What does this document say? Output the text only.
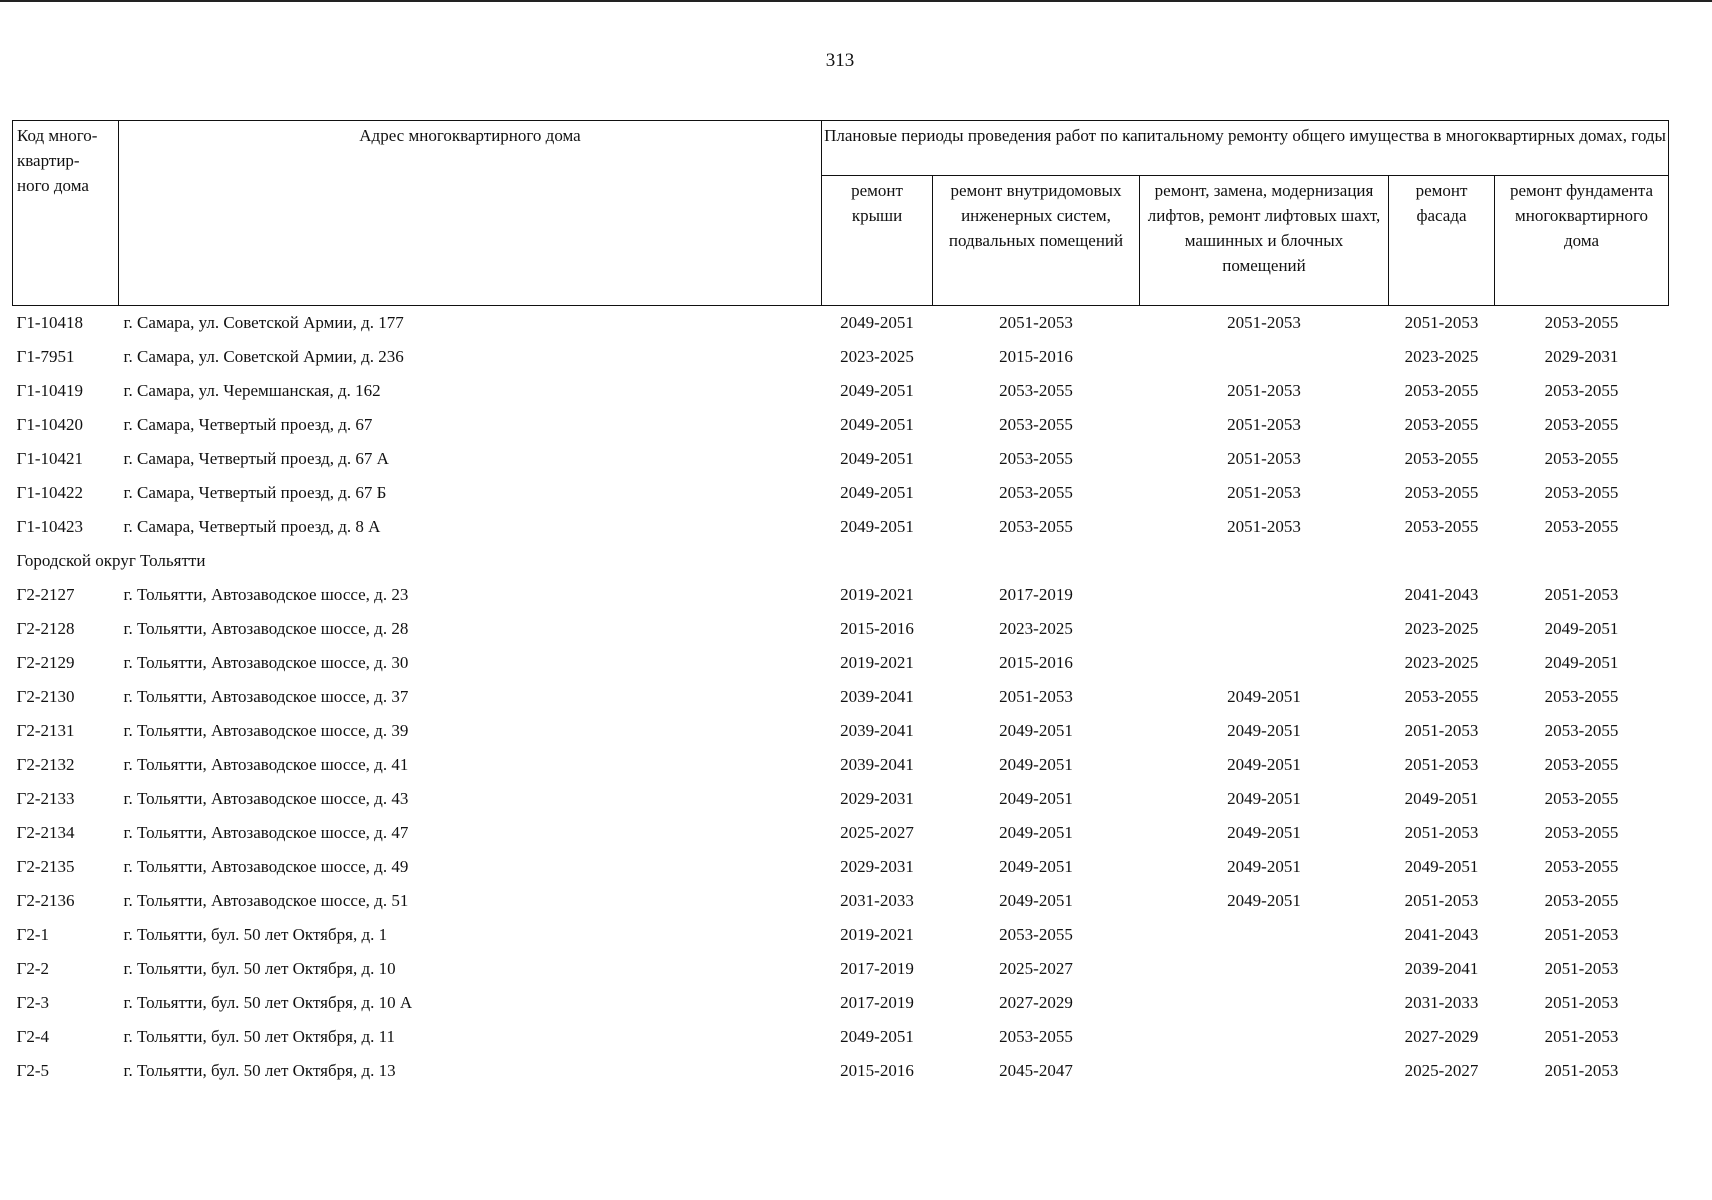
313
Код много-
квартир-
ного дома	Адрес многоквартирного дома	Плановые периоды проведения работ по капитальному ремонту общего имущества в многоквартирных домах, годы				
		ремонт крыши	ремонт внутридомовых инженерных систем, подвальных помещений	ремонт, замена, модернизация лифтов, ремонт лифтовых шахт, машинных и блочных помещений	ремонт фасада	ремонт фундамента многоквартирного дома
Г1-10418	г. Самара, ул. Советской Армии, д. 177	2049-2051	2051-2053	2051-2053	2051-2053	2053-2055
Г1-7951	г. Самара, ул. Советской Армии, д. 236	2023-2025	2015-2016		2023-2025	2029-2031
Г1-10419	г. Самара, ул. Черемшанская, д. 162	2049-2051	2053-2055	2051-2053	2053-2055	2053-2055
Г1-10420	г. Самара, Четвертый проезд, д. 67	2049-2051	2053-2055	2051-2053	2053-2055	2053-2055
Г1-10421	г. Самара, Четвертый проезд, д. 67 А	2049-2051	2053-2055	2051-2053	2053-2055	2053-2055
Г1-10422	г. Самара, Четвертый проезд, д. 67 Б	2049-2051	2053-2055	2051-2053	2053-2055	2053-2055
Г1-10423	г. Самара, Четвертый проезд, д. 8 А	2049-2051	2053-2055	2051-2053	2053-2055	2053-2055
Городской округ Тольятти						
Г2-2127	г. Тольятти, Автозаводское шоссе, д. 23	2019-2021	2017-2019		2041-2043	2051-2053
Г2-2128	г. Тольятти, Автозаводское шоссе, д. 28	2015-2016	2023-2025		2023-2025	2049-2051
Г2-2129	г. Тольятти, Автозаводское шоссе, д. 30	2019-2021	2015-2016		2023-2025	2049-2051
Г2-2130	г. Тольятти, Автозаводское шоссе, д. 37	2039-2041	2051-2053	2049-2051	2053-2055	2053-2055
Г2-2131	г. Тольятти, Автозаводское шоссе, д. 39	2039-2041	2049-2051	2049-2051	2051-2053	2053-2055
Г2-2132	г. Тольятти, Автозаводское шоссе, д. 41	2039-2041	2049-2051	2049-2051	2051-2053	2053-2055
Г2-2133	г. Тольятти, Автозаводское шоссе, д. 43	2029-2031	2049-2051	2049-2051	2049-2051	2053-2055
Г2-2134	г. Тольятти, Автозаводское шоссе, д. 47	2025-2027	2049-2051	2049-2051	2051-2053	2053-2055
Г2-2135	г. Тольятти, Автозаводское шоссе, д. 49	2029-2031	2049-2051	2049-2051	2049-2051	2053-2055
Г2-2136	г. Тольятти, Автозаводское шоссе, д. 51	2031-2033	2049-2051	2049-2051	2051-2053	2053-2055
Г2-1	г. Тольятти, бул. 50 лет Октября, д. 1	2019-2021	2053-2055		2041-2043	2051-2053
Г2-2	г. Тольятти, бул. 50 лет Октября, д. 10	2017-2019	2025-2027		2039-2041	2051-2053
Г2-3	г. Тольятти, бул. 50 лет Октября, д. 10 А	2017-2019	2027-2029		2031-2033	2051-2053
Г2-4	г. Тольятти, бул. 50 лет Октября, д. 11	2049-2051	2053-2055		2027-2029	2051-2053
Г2-5	г. Тольятти, бул. 50 лет Октября, д. 13	2015-2016	2045-2047		2025-2027	2051-2053
